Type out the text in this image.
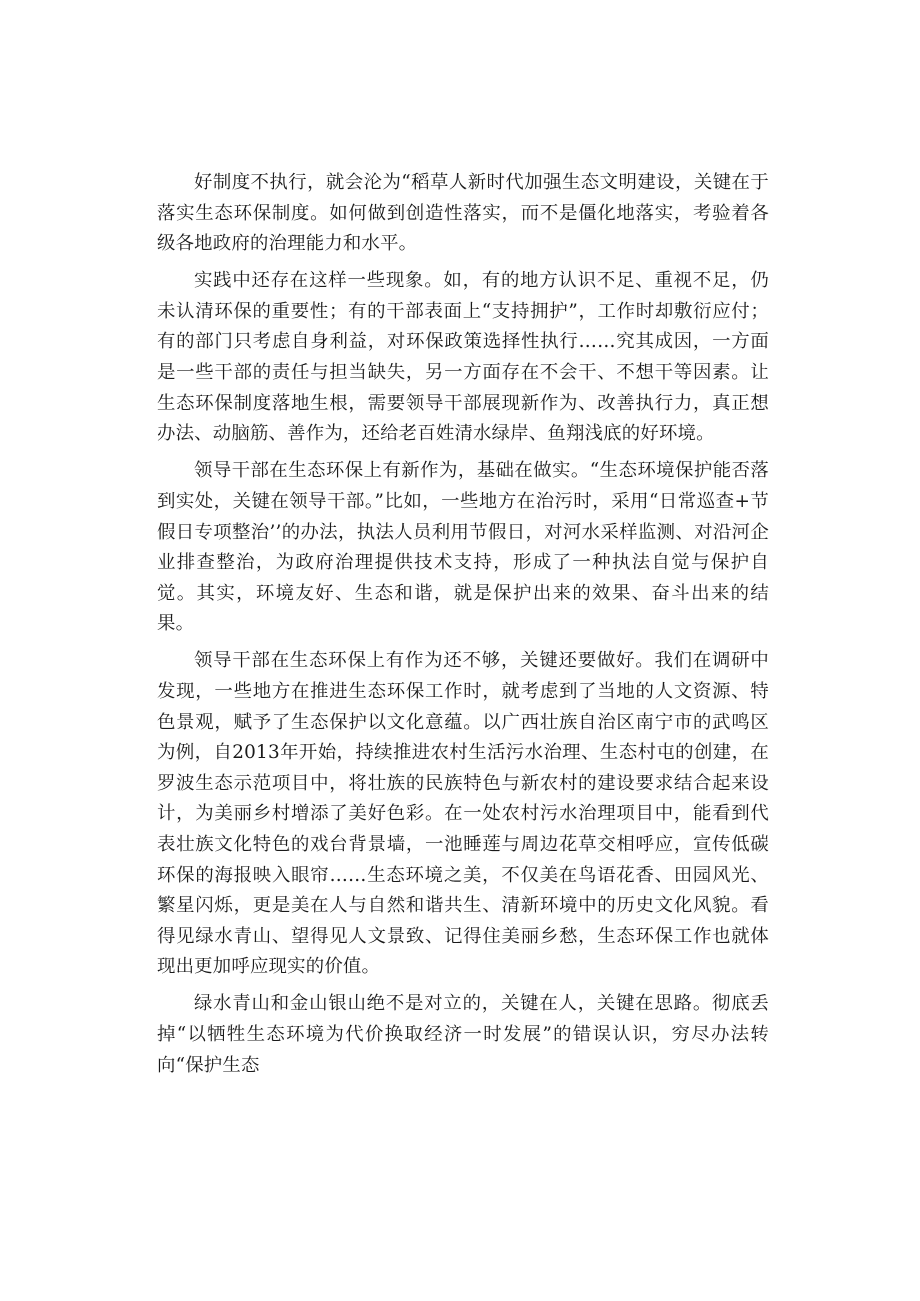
好制度不执行，就会沦为“稻草人新时代加强生态文明建设，关键在于落实生态环保制度。如何做到创造性落实，而不是僵化地落实，考验着各级各地政府的治理能力和水平。

实践中还存在这样一些现象。如，有的地方认识不足、重视不足，仍未认清环保的重要性；有的干部表面上“支持拥护”，工作时却敷衍应付；有的部门只考虑自身利益，对环保政策选择性执行……究其成因，一方面是一些干部的责任与担当缺失，另一方面存在不会干、不想干等因素。让生态环保制度落地生根，需要领导干部展现新作为、改善执行力，真正想办法、动脑筋、善作为，还给老百姓清水绿岸、鱼翔浅底的好环境。

领导干部在生态环保上有新作为，基础在做实。“生态环境保护能否落到实处，关键在领导干部。”比如，一些地方在治污时，采用“日常巡查+节假日专项整治’’的办法，执法人员利用节假日，对河水采样监测、对沿河企业排查整治，为政府治理提供技术支持，形成了一种执法自觉与保护自觉。其实，环境友好、生态和谐，就是保护出来的效果、奋斗出来的结果。

领导干部在生态环保上有作为还不够，关键还要做好。我们在调研中发现，一些地方在推进生态环保工作时，就考虑到了当地的人文资源、特色景观，赋予了生态保护以文化意蕴。以广西壮族自治区南宁市的武鸣区为例，自2013年开始，持续推进农村生活污水治理、生态村屯的创建，在罗波生态示范项目中，将壮族的民族特色与新农村的建设要求结合起来设计，为美丽乡村增添了美好色彩。在一处农村污水治理项目中，能看到代表壮族文化特色的戏台背景墙，一池睡莲与周边花草交相呼应，宣传低碳环保的海报映入眼帘……生态环境之美，不仅美在鸟语花香、田园风光、繁星闪烁，更是美在人与自然和谐共生、清新环境中的历史文化风貌。看得见绿水青山、望得见人文景致、记得住美丽乡愁，生态环保工作也就体现出更加呼应现实的价值。

绿水青山和金山银山绝不是对立的，关键在人，关键在思路。彻底丢掉“以牺牲生态环境为代价换取经济一时发展”的错误认识，穷尽办法转向“保护生态
